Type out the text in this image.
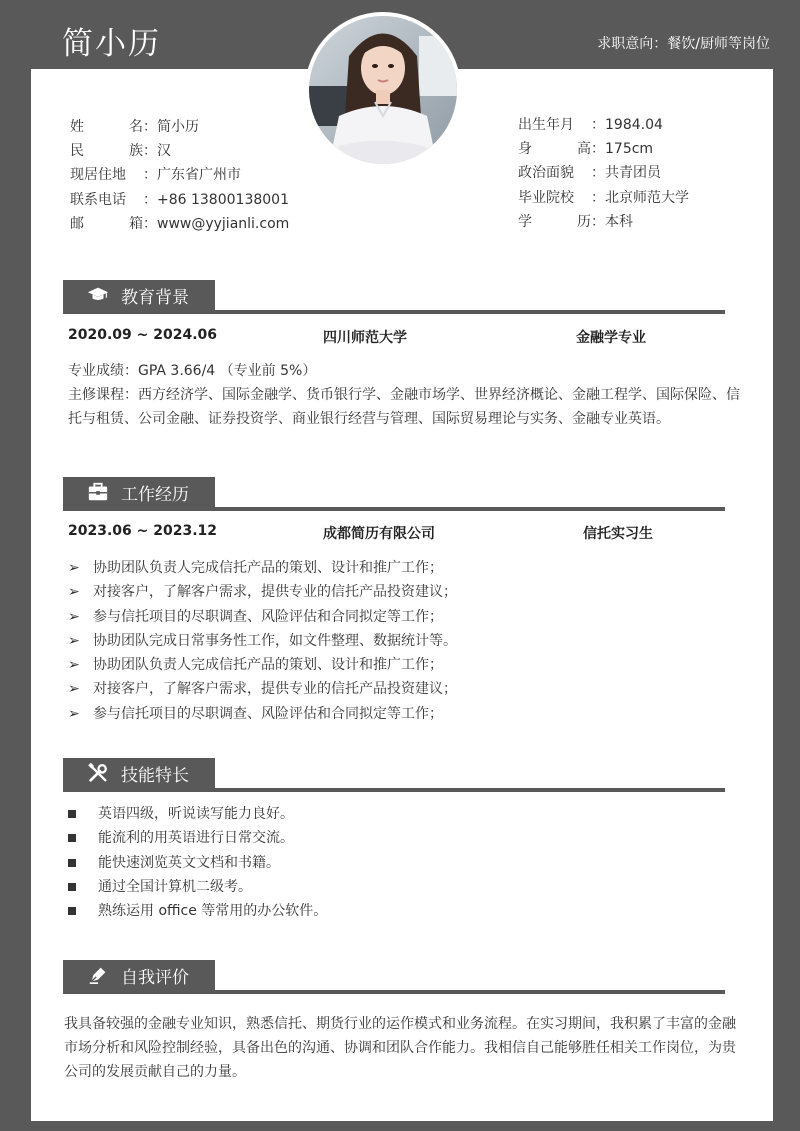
简小历	求职意向：餐饮/厨师等岗位
姓	名 ： 简小历
民	族 ： 汉
现居住地 ： 广东省广州市
联系电话 ： +86 13800138001
邮	箱 ： www@yyjianli.com
出生年月 ： 1984.04
身	高 ： 175cm
政治面貌 ： 共青团员
毕业院校 ： 北京师范大学
学	历 ： 本科
教育背景
2020.09 ~ 2024.06	四川师范大学	金融学专业
专业成绩：GPA 3.66/4 （专业前 5%）
主修课程：西方经济学、国际金融学、货币银行学、金融市场学、世界经济概论、金融工程学、国际保险、信托与租赁、公司金融、证券投资学、商业银行经营与管理、国际贸易理论与实务、金融专业英语。
工作经历
2023.06 ~ 2023.12	成都简历有限公司	信托实习生
➢ 协助团队负责人完成信托产品的策划、设计和推广工作；
➢ 对接客户，了解客户需求，提供专业的信托产品投资建议；
➢ 参与信托项目的尽职调查、风险评估和合同拟定等工作；
➢ 协助团队完成日常事务性工作，如文件整理、数据统计等。
➢ 协助团队负责人完成信托产品的策划、设计和推广工作；
➢ 对接客户，了解客户需求，提供专业的信托产品投资建议；
➢ 参与信托项目的尽职调查、风险评估和合同拟定等工作；
技能特长
英语四级，听说读写能力良好。
能流利的用英语进行日常交流。
能快速浏览英文文档和书籍。
通过全国计算机二级考。
熟练运用 office 等常用的办公软件。
自我评价
我具备较强的金融专业知识，熟悉信托、期货行业的运作模式和业务流程。在实习期间，我积累了丰富的金融市场分析和风险控制经验，具备出色的沟通、协调和团队合作能力。我相信自己能够胜任相关工作岗位，为贵公司的发展贡献自己的力量。
